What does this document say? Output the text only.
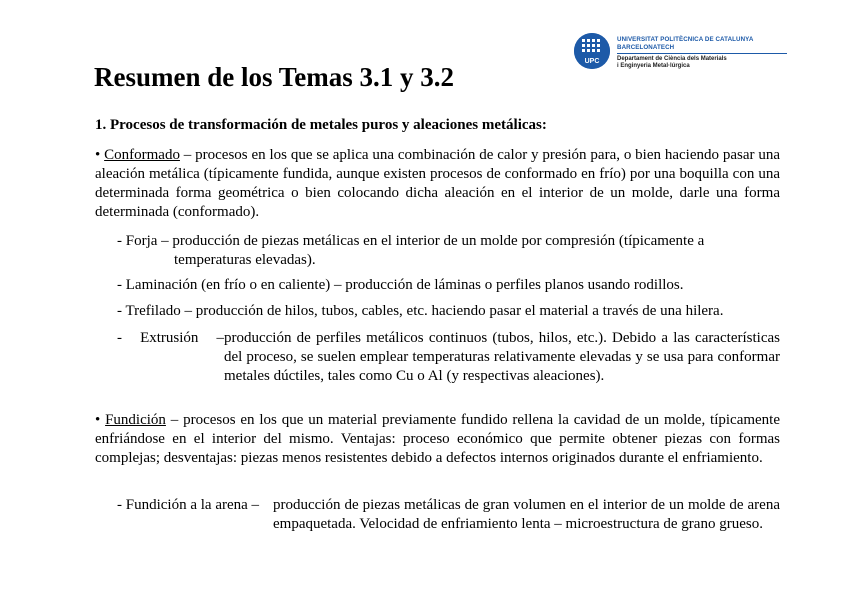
UPC
UNIVERSITAT POLITÈCNICA DE CATALUNYA
BARCELONATECH
Departament de Ciència dels Materials
i Enginyeria Metal·lúrgica
Resumen de los Temas 3.1 y 3.2
1. Procesos de transformación de metales puros y aleaciones metálicas:
• Conformado – procesos en los que se aplica una combinación de calor y presión para, o bien haciendo pasar una aleación metálica (típicamente fundida, aunque existen procesos de conformado en frío) por una boquilla con una determinada forma geométrica o bien colocando dicha aleación en el interior de un molde, darle una forma determinada (conformado).
- Forja – producción de piezas metálicas en el interior de un molde por compresión (típicamente a
temperaturas elevadas).
- Laminación (en frío o en caliente) – producción de láminas o perfiles planos usando rodillos.
- Trefilado – producción de hilos, tubos, cables, etc. haciendo pasar el material a través de una hilera.
- Extrusión – producción de perfiles metálicos continuos (tubos, hilos, etc.). Debido a las características del proceso, se suelen emplear temperaturas relativamente elevadas y se usa para conformar metales dúctiles, tales como Cu o Al (y respectivas aleaciones).
• Fundición – procesos en los que un material previamente fundido rellena la cavidad de un molde, típicamente enfriándose en el interior del mismo. Ventajas: proceso económico que permite obtener piezas con formas complejas; desventajas: piezas menos resistentes debido a defectos internos originados durante el enfriamiento.
- Fundición a la arena – producción de piezas metálicas de gran volumen en el interior de un molde de arena empaquetada. Velocidad de enfriamiento lenta – microestructura de grano grueso.
